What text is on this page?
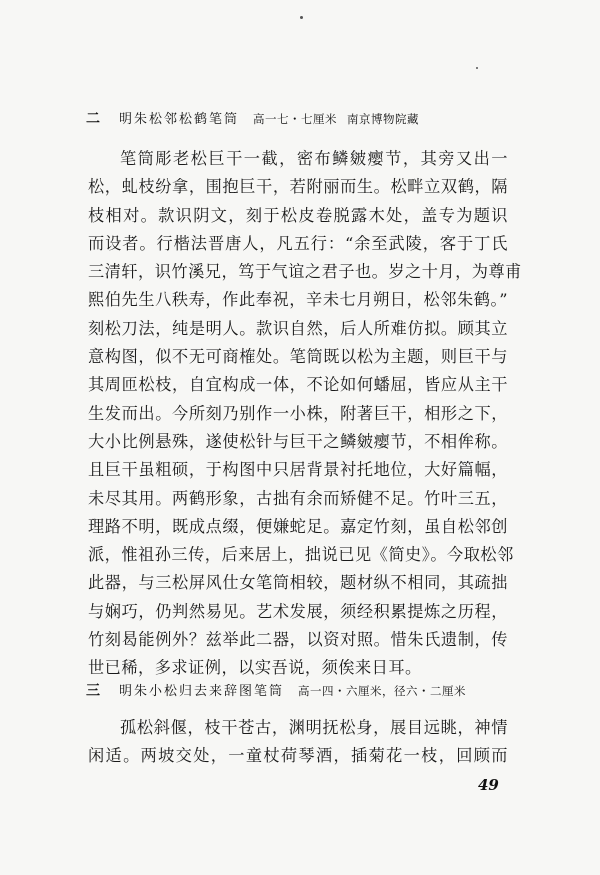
二 明朱松邻松鹤笔筒 高一七・七厘米 南京博物院藏
笔筒彫老松巨干一截，密布鳞皴瘿节，其旁又出一
松，虬枝纷拿，围抱巨干，若附丽而生。松畔立双鹤，隔
枝相对。款识阴文，刻于松皮卷脱露木处，盖专为题识
而设者。行楷法晋唐人，凡五行：“余至武陵，客于丁氏
三清轩，识竹溪兄，笃于气谊之君子也。岁之十月，为尊甫
熙伯先生八秩寿，作此奉祝，辛未七月朔日，松邻朱鹤。”
刻松刀法，纯是明人。款识自然，后人所难仿拟。顾其立
意构图，似不无可商榷处。笔筒既以松为主题，则巨干与
其周匝松枝，自宜构成一体，不论如何蟠屈，皆应从主干
生发而出。今所刻乃别作一小株，附著巨干，相形之下，
大小比例悬殊，遂使松针与巨干之鳞皴瘿节，不相侔称。
且巨干虽粗硕，于构图中只居背景衬托地位，大好篇幅，
未尽其用。两鹤形象，古拙有余而矫健不足。竹叶三五，
理路不明，既成点缀，便嫌蛇足。嘉定竹刻，虽自松邻创
派，惟祖孙三传，后来居上，拙说已见《简史》。今取松邻
此器，与三松屏风仕女笔筒相较，题材纵不相同，其疏拙
与娴巧，仍判然易见。艺术发展，须经积累提炼之历程，
竹刻曷能例外？兹举此二器，以资对照。惜朱氏遗制，传
世已稀，多求证例，以实吾说，须俟来日耳。
三 明朱小松归去来辞图笔筒 高一四・六厘米，径六・二厘米
孤松斜偃，枝干苍古，渊明抚松身，展目远眺，神情
闲适。两坡交处，一童杖荷琴酒，插菊花一枝，回顾而
49
